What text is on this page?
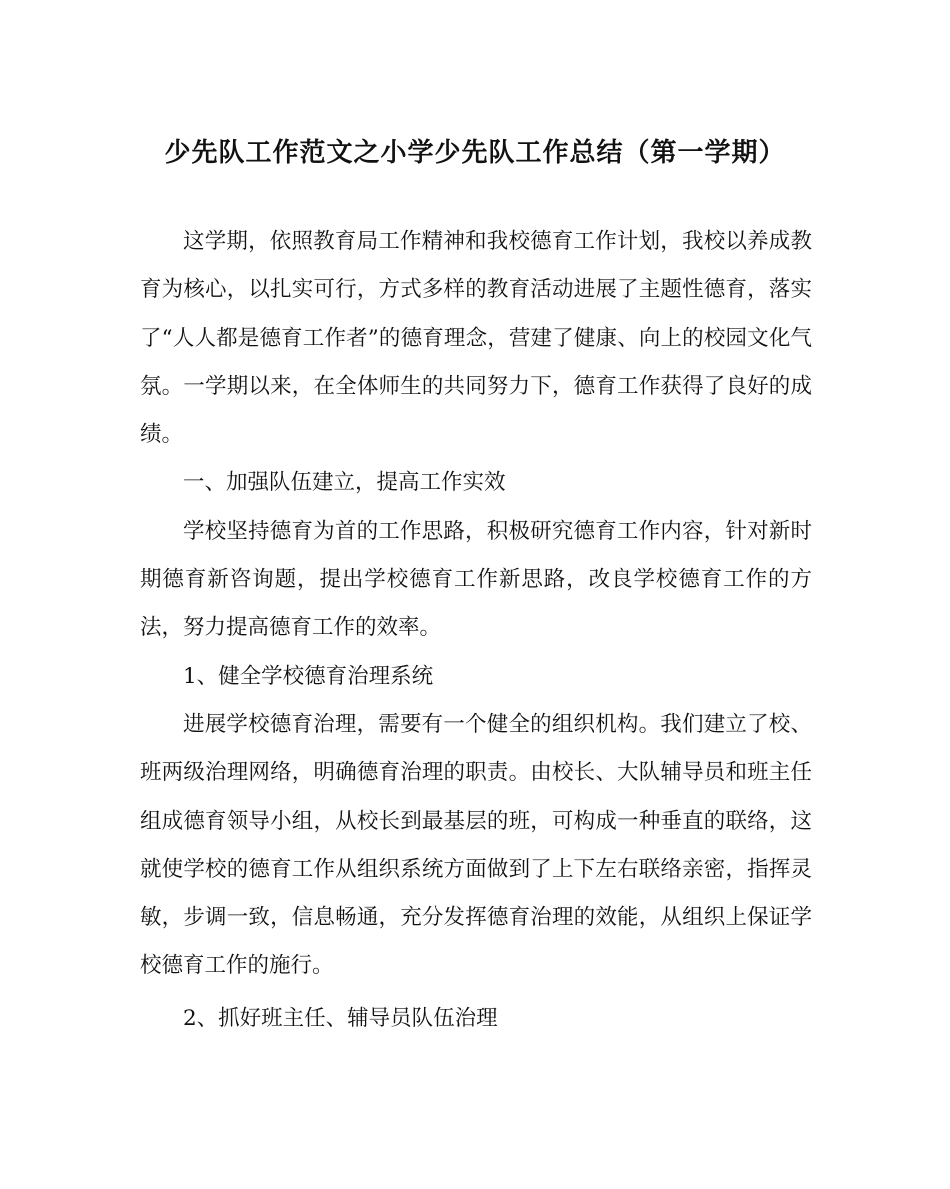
少先队工作范文之小学少先队工作总结（第一学期）

这学期，依照教育局工作精神和我校德育工作计划，我校以养成教育为核心，以扎实可行，方式多样的教育活动进展了主题性德育，落实了“人人都是德育工作者”的德育理念，营建了健康、向上的校园文化气氛。一学期以来，在全体师生的共同努力下，德育工作获得了良好的成绩。

一、加强队伍建立，提高工作实效

学校坚持德育为首的工作思路，积极研究德育工作内容，针对新时期德育新咨询题，提出学校德育工作新思路，改良学校德育工作的方法，努力提高德育工作的效率。

1、健全学校德育治理系统

进展学校德育治理，需要有一个健全的组织机构。我们建立了校、班两级治理网络，明确德育治理的职责。由校长、大队辅导员和班主任组成德育领导小组，从校长到最基层的班，可构成一种垂直的联络，这就使学校的德育工作从组织系统方面做到了上下左右联络亲密，指挥灵敏，步调一致，信息畅通，充分发挥德育治理的效能，从组织上保证学校德育工作的施行。

2、抓好班主任、辅导员队伍治理
